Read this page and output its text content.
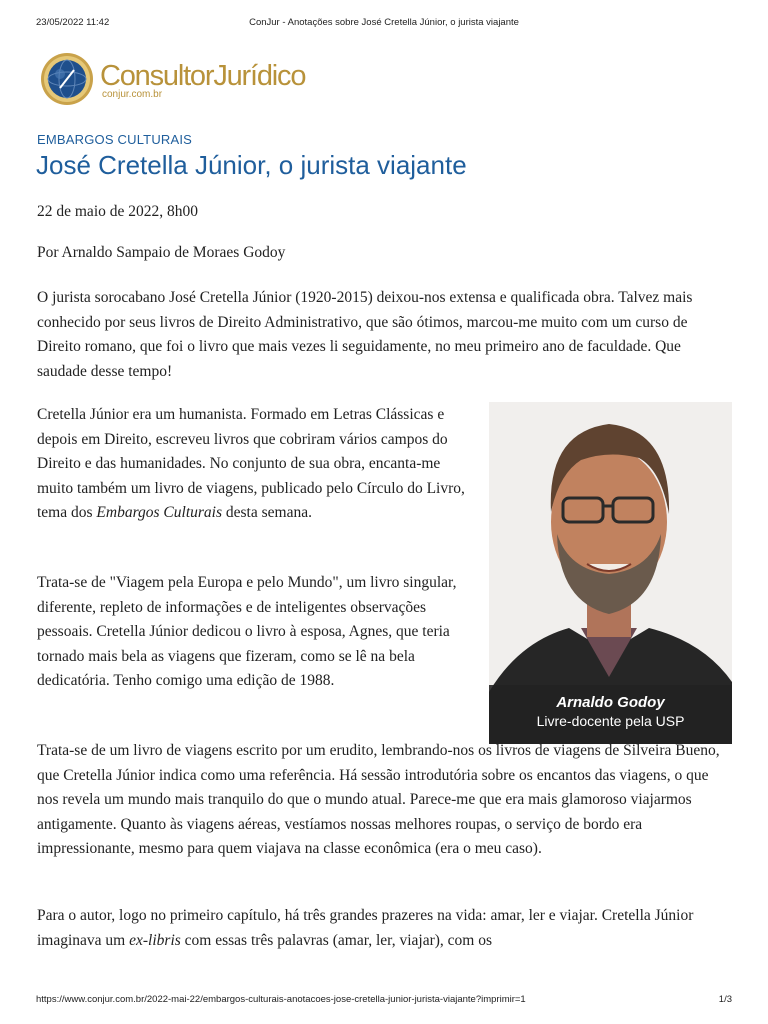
23/05/2022 11:42	ConJur - Anotações sobre José Cretella Júnior, o jurista viajante
ConsultorJurídico
conjur.com.br
EMBARGOS CULTURAIS
José Cretella Júnior, o jurista viajante
22 de maio de 2022, 8h00
Por Arnaldo Sampaio de Moraes Godoy

O jurista sorocabano José Cretella Júnior (1920-2015) deixou-nos extensa e qualificada obra. Talvez mais conhecido por seus livros de Direito Administrativo, que são ótimos, marcou-me muito com um curso de Direito romano, que foi o livro que mais vezes li seguidamente, no meu primeiro ano de faculdade. Que saudade desse tempo!

Cretella Júnior era um humanista. Formado em Letras Clássicas e depois em Direito, escreveu livros que cobriram vários campos do Direito e das humanidades. No conjunto de sua obra, encanta-me muito também um livro de viagens, publicado pelo Círculo do Livro, tema dos Embargos Culturais desta semana.

Arnaldo Godoy
Livre-docente pela USP

Trata-se de "Viagem pela Europa e pelo Mundo", um livro singular, diferente, repleto de informações e de inteligentes observações pessoais. Cretella Júnior dedicou o livro à esposa, Agnes, que teria tornado mais bela as viagens que fizeram, como se lê na bela dedicatória. Tenho comigo uma edição de 1988.

Trata-se de um livro de viagens escrito por um erudito, lembrando-nos os livros de viagens de Silveira Bueno, que Cretella Júnior indica como uma referência. Há sessão introdutória sobre os encantos das viagens, o que nos revela um mundo mais tranquilo do que o mundo atual. Parece-me que era mais glamoroso viajarmos antigamente. Quanto às viagens aéreas, vestíamos nossas melhores roupas, o serviço de bordo era impressionante, mesmo para quem viajava na classe econômica (era o meu caso).

Para o autor, logo no primeiro capítulo, há três grandes prazeres na vida: amar, ler e viajar. Cretella Júnior imaginava um ex-libris com essas três palavras (amar, ler, viajar), com os

https://www.conjur.com.br/2022-mai-22/embargos-culturais-anotacoes-jose-cretella-junior-jurista-viajante?imprimir=1	1/3
